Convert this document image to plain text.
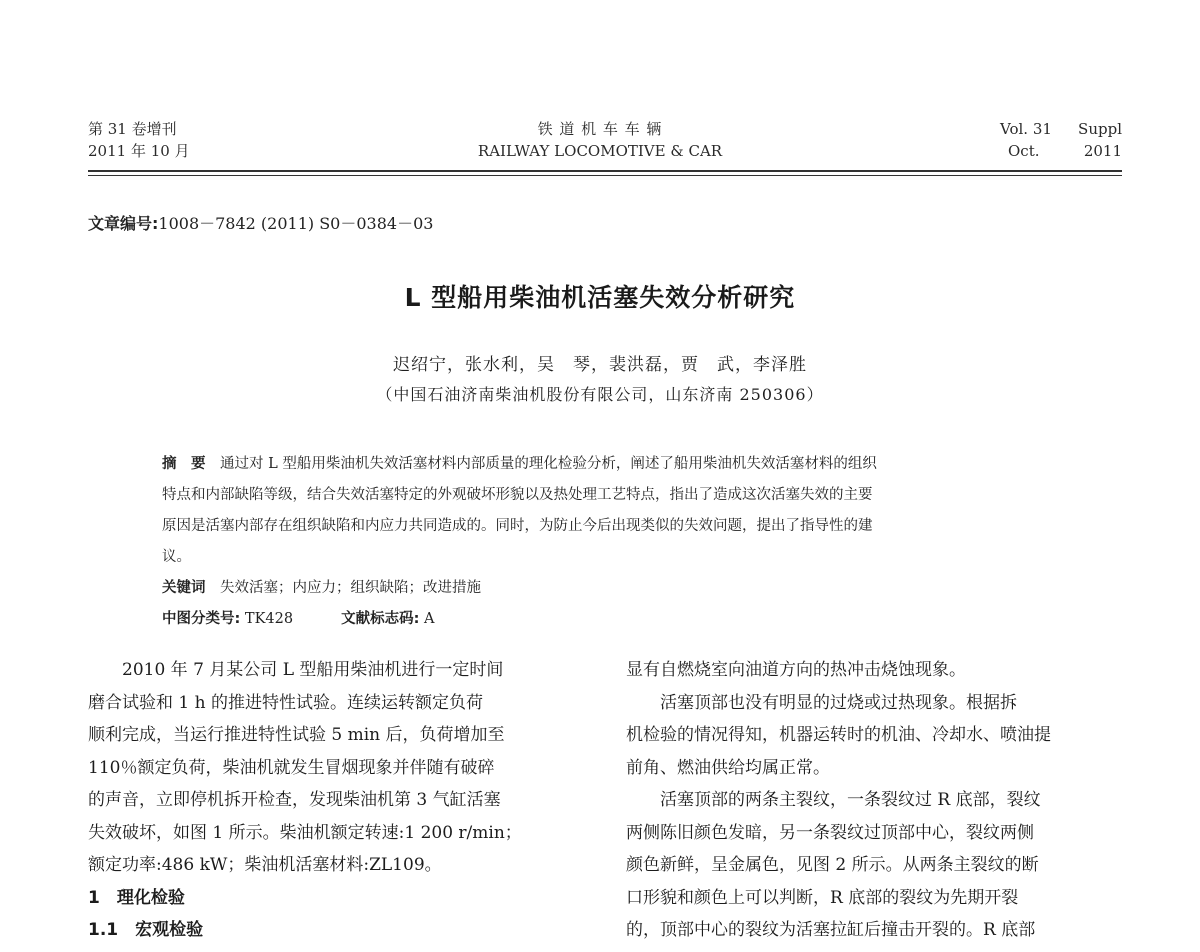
第 31 卷增刊
2011 年 10 月
铁 道 机 车 车 辆
RAILWAY LOCOMOTIVE & CAR
Vol. 31 Suppl
Oct.	2011
文章编号:1008－7842 (2011) S0－0384－03
L 型船用柴油机活塞失效分析研究
迟绍宁，张水利，吴　琴，裴洪磊，贾　武，李泽胜
（中国石油济南柴油机股份有限公司，山东济南 250306）
摘　要　 通过对 L 型船用柴油机失效活塞材料内部质量的理化检验分析，阐述了船用柴油机失效活塞材料的组织
特点和内部缺陷等级，结合失效活塞特定的外观破坏形貌以及热处理工艺特点，指出了造成这次活塞失效的主要
原因是活塞内部存在组织缺陷和内应力共同造成的。同时，为防止今后出现类似的失效问题，提出了指导性的建
议。
关键词　 失效活塞；内应力；组织缺陷；改进措施
中图分类号: TK428	文献标志码: A
　　2010 年 7 月某公司 L 型船用柴油机进行一定时间
磨合试验和 1 h 的推进特性试验。连续运转额定负荷
顺利完成，当运行推进特性试验 5 min 后，负荷增加至
110％额定负荷，柴油机就发生冒烟现象并伴随有破碎
的声音，立即停机拆开检查，发现柴油机第 3 气缸活塞
失效破坏，如图 1 所示。柴油机额定转速:1 200 r/min；
额定功率:486 kW；柴油机活塞材料:ZL109。
1　理化检验
1.1　宏观检验
显有自燃烧室向油道方向的热冲击烧蚀现象。
　　活塞顶部也没有明显的过烧或过热现象。根据拆
机检验的情况得知，机器运转时的机油、冷却水、喷油提
前角、燃油供给均属正常。
　　活塞顶部的两条主裂纹，一条裂纹过 R 底部，裂纹
两侧陈旧颜色发暗，另一条裂纹过顶部中心，裂纹两侧
颜色新鲜，呈金属色，见图 2 所示。从两条主裂纹的断
口形貌和颜色上可以判断，R 底部的裂纹为先期开裂
的，顶部中心的裂纹为活塞拉缸后撞击开裂的。R 底部
